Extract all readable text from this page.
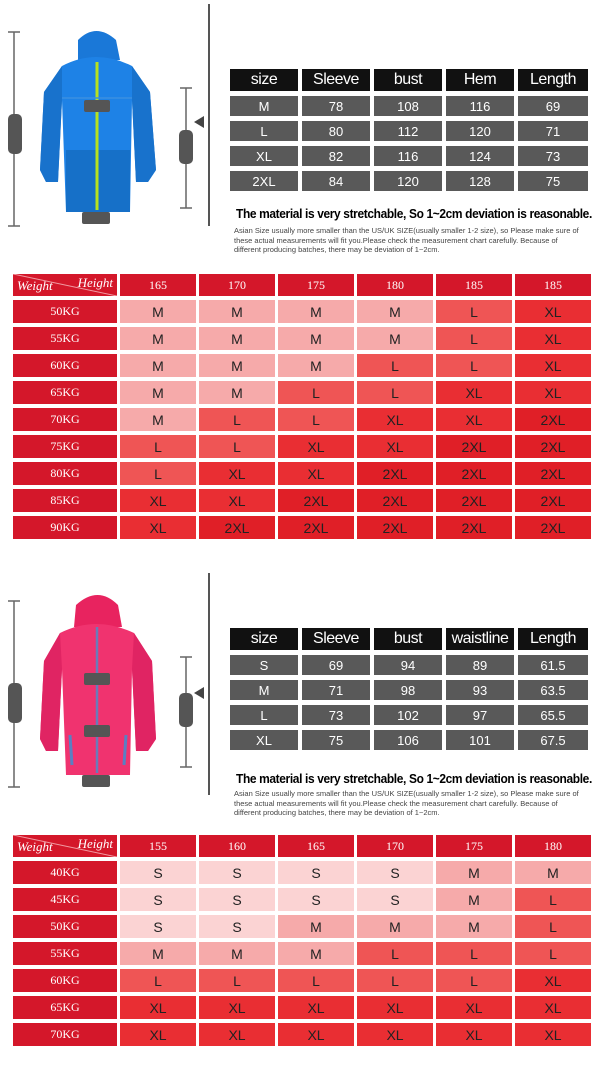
size	Sleeve	bust	Hem	Length
M	78	108	116	69
L	80	112	120	71
XL	82	116	124	73
2XL	84	120	128	75
The material is very stretchable, So 1~2cm deviation is reasonable.
Asian Size usually more smaller than the US/UK SIZE(usually smaller 1-2 size), so Please make sure of these actual measurements will fit you.Please check the measurement chart carefully. Because of different producing batches, there may be deviation of 1~2cm.
Weight Height	165	170	175	180	185	185
50KG	M	M	M	M	L	XL
55KG	M	M	M	M	L	XL
60KG	M	M	M	L	L	XL
65KG	M	M	L	L	XL	XL
70KG	M	L	L	XL	XL	2XL
75KG	L	L	XL	XL	2XL	2XL
80KG	L	XL	XL	2XL	2XL	2XL
85KG	XL	XL	2XL	2XL	2XL	2XL
90KG	XL	2XL	2XL	2XL	2XL	2XL
size	Sleeve	bust	waistline	Length
S	69	94	89	61.5
M	71	98	93	63.5
L	73	102	97	65.5
XL	75	106	101	67.5
The material is very stretchable, So 1~2cm deviation is reasonable.
Asian Size usually more smaller than the US/UK SIZE(usually smaller 1-2 size), so Please make sure of these actual measurements will fit you.Please check the measurement chart carefully. Because of different producing batches, there may be deviation of 1~2cm.
Weight Height	155	160	165	170	175	180
40KG	S	S	S	S	M	M
45KG	S	S	S	S	M	L
50KG	S	S	M	M	M	L
55KG	M	M	M	L	L	L
60KG	L	L	L	L	L	XL
65KG	XL	XL	XL	XL	XL	XL
70KG	XL	XL	XL	XL	XL	XL
